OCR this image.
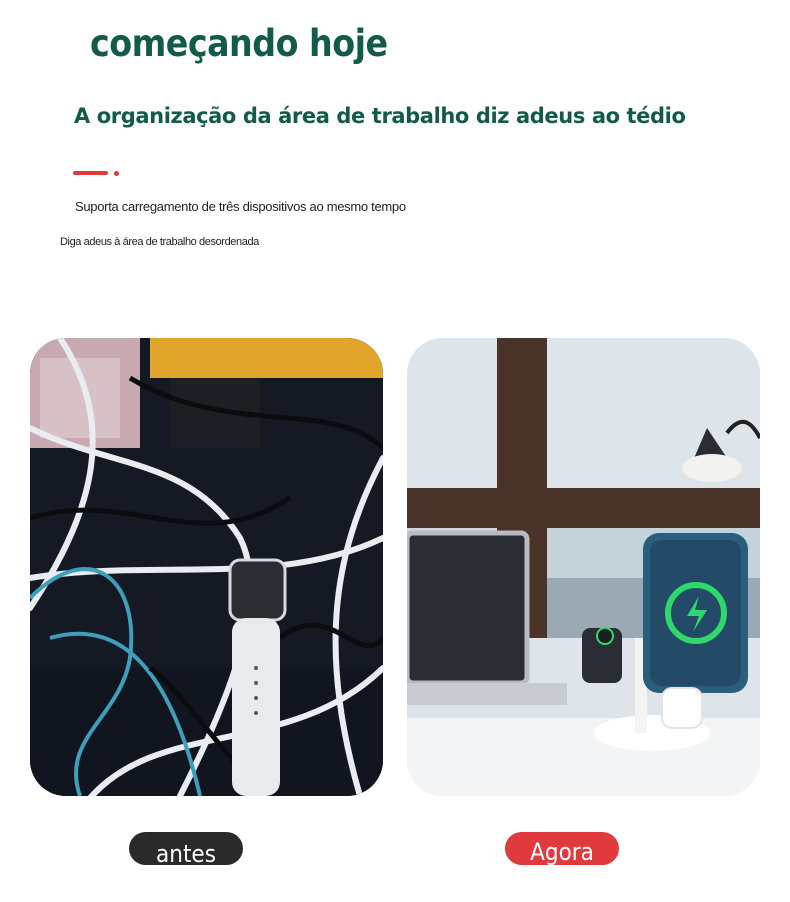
começando hoje
A organização da área de trabalho diz adeus ao tédio

Suporta carregamento de três dispositivos ao mesmo tempo

Diga adeus à área de trabalho desordenada

antes	Agora
